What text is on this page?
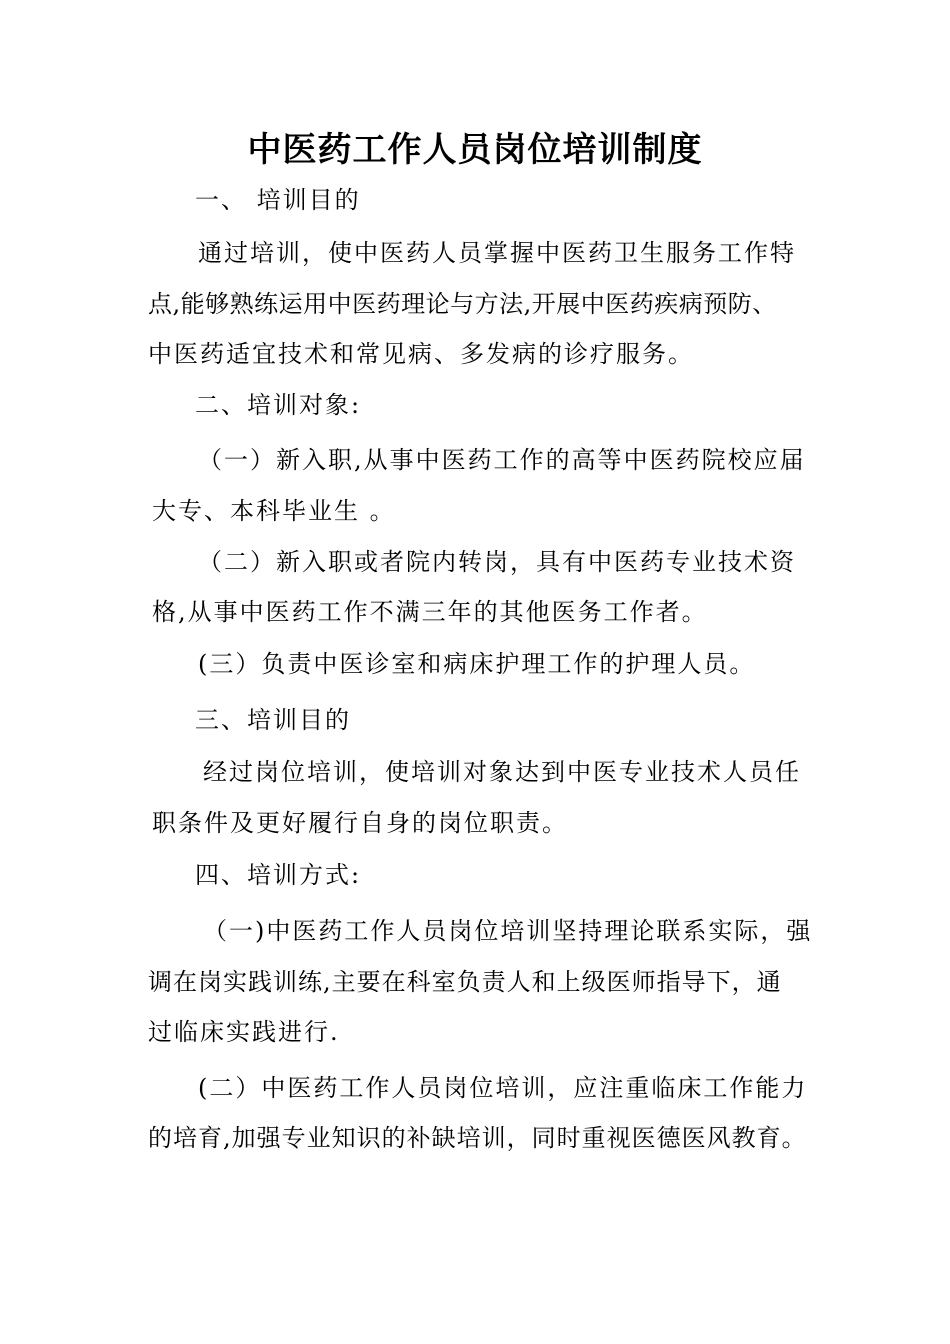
中医药工作人员岗位培训制度
一、 培训目的
通过培训，使中医药人员掌握中医药卫生服务工作特
点,能够熟练运用中医药理论与方法,开展中医药疾病预防、
中医药适宜技术和常见病、多发病的诊疗服务。
二、培训对象:
（一）新入职,从事中医药工作的高等中医药院校应届
大专、本科毕业生 。
（二）新入职或者院内转岗，具有中医药专业技术资
格,从事中医药工作不满三年的其他医务工作者。
(三）负责中医诊室和病床护理工作的护理人员。
三、培训目的
经过岗位培训，使培训对象达到中医专业技术人员任
职条件及更好履行自身的岗位职责。
四、培训方式:
（一)中医药工作人员岗位培训坚持理论联系实际，强
调在岗实践训练,主要在科室负责人和上级医师指导下，通
过临床实践进行.
(二）中医药工作人员岗位培训，应注重临床工作能力
的培育,加强专业知识的补缺培训，同时重视医德医风教育。
